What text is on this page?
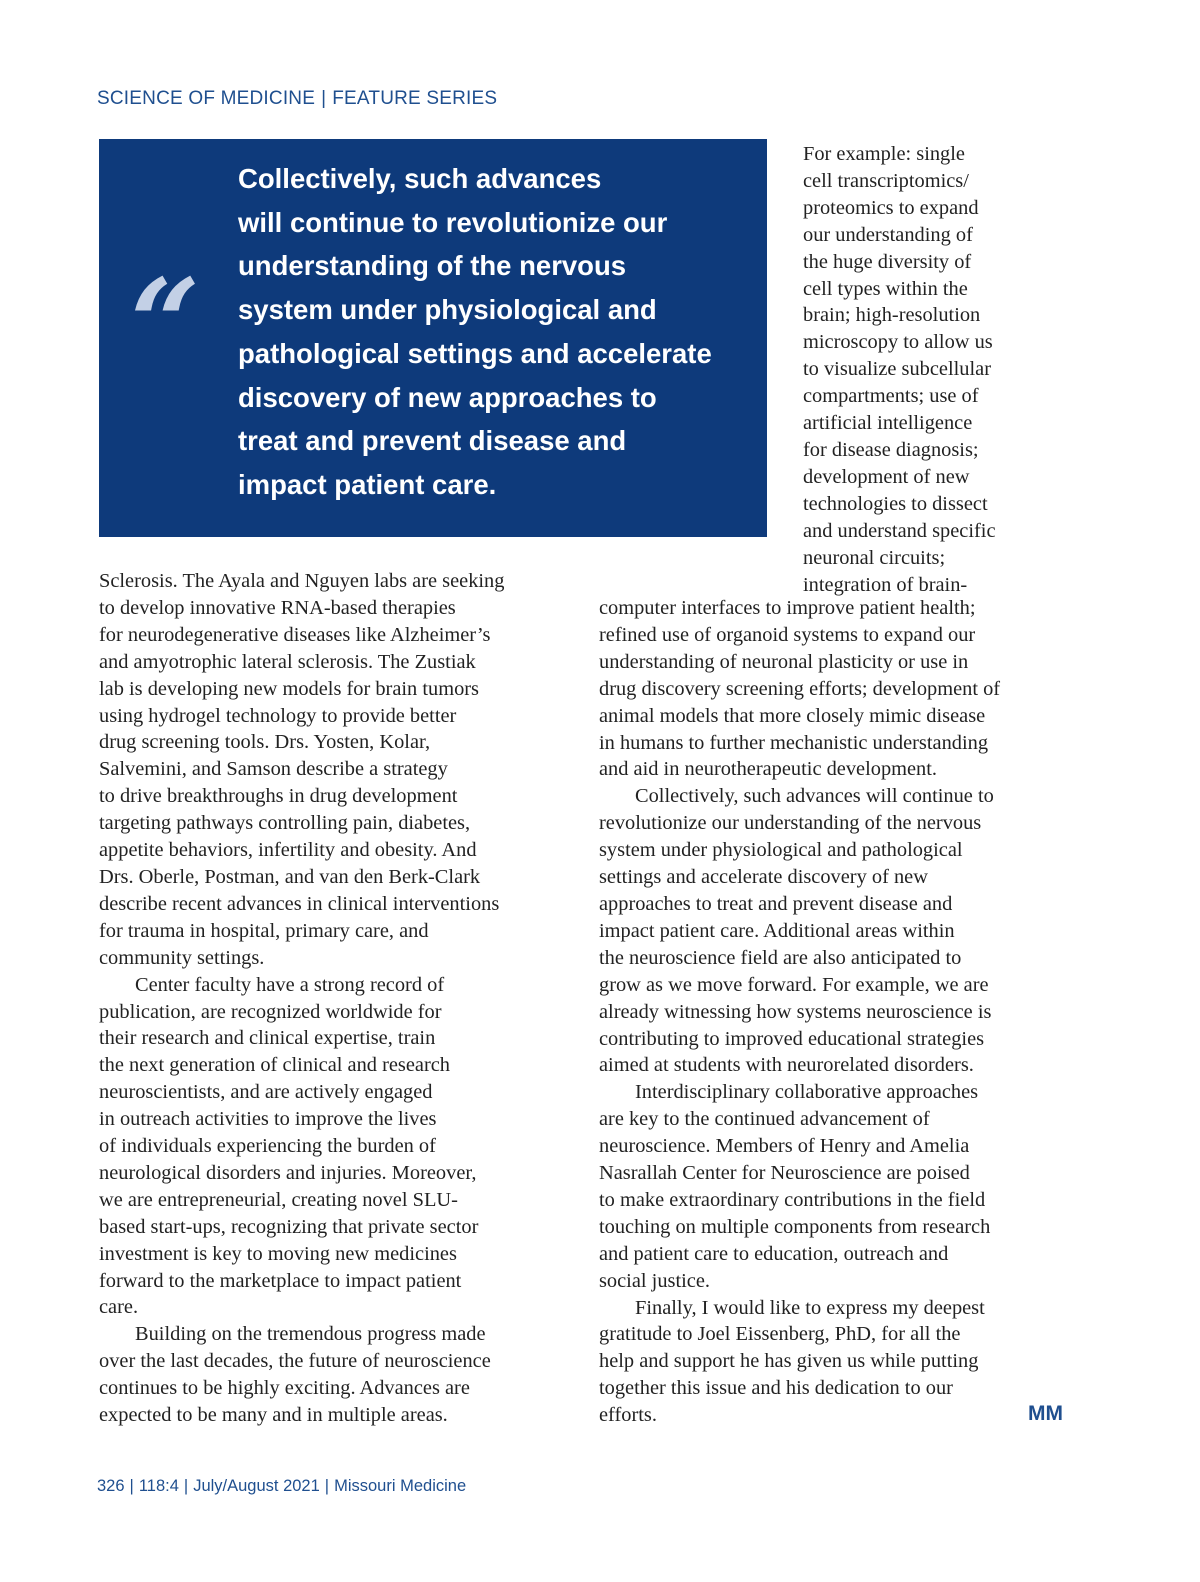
SCIENCE OF MEDICINE | FEATURE SERIES
“
Collectively, such advances
will continue to revolutionize our
understanding of the nervous
system under physiological and
pathological settings and accelerate
discovery of new approaches to
treat and prevent disease and
impact patient care.
Sclerosis. The Ayala and Nguyen labs are seeking
to develop innovative RNA-based therapies
for neurodegenerative diseases like Alzheimer’s
and amyotrophic lateral sclerosis. The Zustiak
lab is developing new models for brain tumors
using hydrogel technology to provide better
drug screening tools. Drs. Yosten, Kolar,
Salvemini, and Samson describe a strategy
to drive breakthroughs in drug development
targeting pathways controlling pain, diabetes,
appetite behaviors, infertility and obesity. And
Drs. Oberle, Postman, and van den Berk-Clark
describe recent advances in clinical interventions
for trauma in hospital, primary care, and
community settings.
Center faculty have a strong record of
publication, are recognized worldwide for
their research and clinical expertise, train
the next generation of clinical and research
neuroscientists, and are actively engaged
in outreach activities to improve the lives
of individuals experiencing the burden of
neurological disorders and injuries. Moreover,
we are entrepreneurial, creating novel SLU-
based start-ups, recognizing that private sector
investment is key to moving new medicines
forward to the marketplace to impact patient
care.
Building on the tremendous progress made
over the last decades, the future of neuroscience
continues to be highly exciting. Advances are
expected to be many and in multiple areas.
For example: single
cell transcriptomics/
proteomics to expand
our understanding of
the huge diversity of
cell types within the
brain; high-resolution
microscopy to allow us
to visualize subcellular
compartments; use of
artificial intelligence
for disease diagnosis;
development of new
technologies to dissect
and understand specific
neuronal circuits;
integration of brain-
computer interfaces to improve patient health;
refined use of organoid systems to expand our
understanding of neuronal plasticity or use in
drug discovery screening efforts; development of
animal models that more closely mimic disease
in humans to further mechanistic understanding
and aid in neurotherapeutic development.
Collectively, such advances will continue to
revolutionize our understanding of the nervous
system under physiological and pathological
settings and accelerate discovery of new
approaches to treat and prevent disease and
impact patient care. Additional areas within
the neuroscience field are also anticipated to
grow as we move forward. For example, we are
already witnessing how systems neuroscience is
contributing to improved educational strategies
aimed at students with neurorelated disorders.
Interdisciplinary collaborative approaches
are key to the continued advancement of
neuroscience. Members of Henry and Amelia
Nasrallah Center for Neuroscience are poised
to make extraordinary contributions in the field
touching on multiple components from research
and patient care to education, outreach and
social justice.
Finally, I would like to express my deepest
gratitude to Joel Eissenberg, PhD, for all the
help and support he has given us while putting
together this issue and his dedication to our
efforts.	MM
326 | 118:4 | July/August 2021 | Missouri Medicine
